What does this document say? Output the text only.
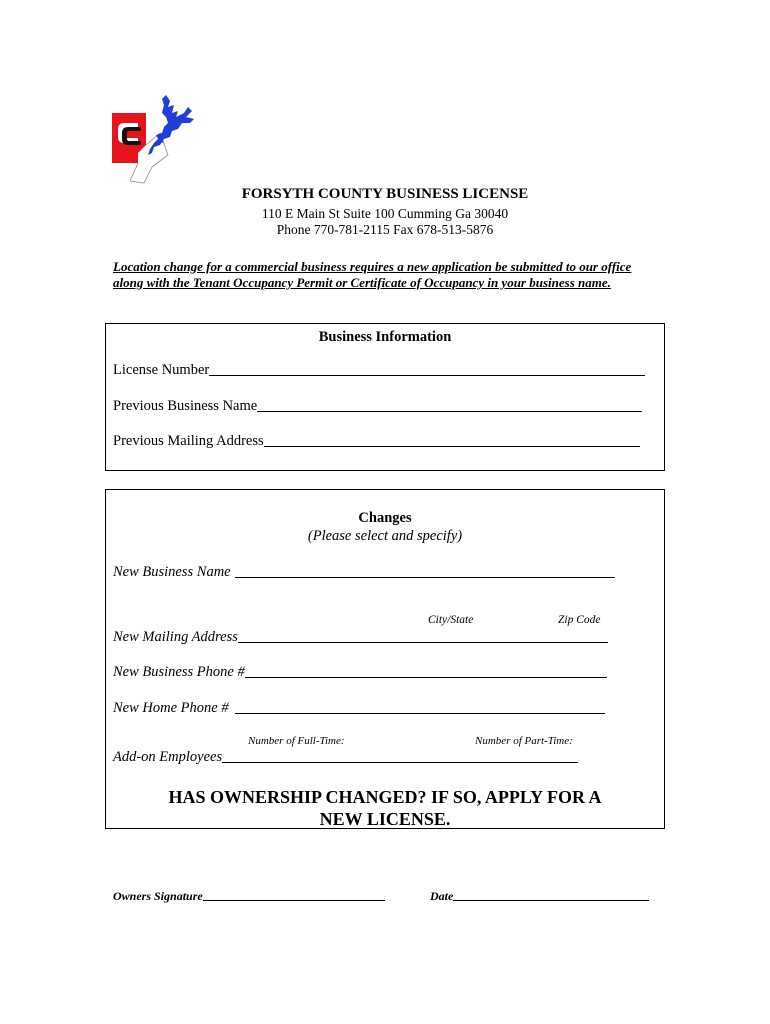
FORSYTH COUNTY BUSINESS LICENSE
110 E Main St Suite 100 Cumming Ga 30040
Phone 770-781-2115 Fax 678-513-5876
Location change for a commercial business requires a new application be submitted to our office along with the Tenant Occupancy Permit or Certificate of Occupancy in your business name.
Business Information
License Number
Previous Business Name
Previous Mailing Address
Changes
(Please select and specify)
New Business Name
City/State	Zip Code
New Mailing Address
New Business Phone #
New Home Phone #
Number of Full-Time:	Number of Part-Time:
Add-on Employees
HAS OWNERSHIP CHANGED? IF SO, APPLY FOR A NEW LICENSE.
Owners Signature	Date
